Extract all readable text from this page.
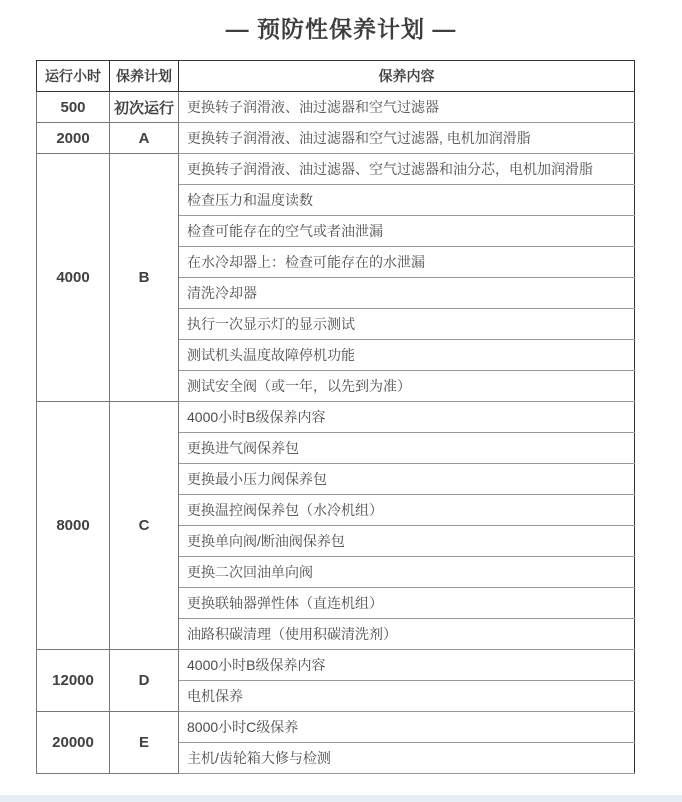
— 预防性保养计划 —
运行小时	保养计划	保养内容
500	初次运行	更换转子润滑液、油过滤器和空气过滤器
2000	A	更换转子润滑液、油过滤器和空气过滤器, 电机加润滑脂
4000	B	更换转子润滑液、油过滤器、空气过滤器和油分芯，电机加润滑脂
		检查压力和温度读数
		检查可能存在的空气或者油泄漏
		在水冷却器上：检查可能存在的水泄漏
		清洗冷却器
		执行一次显示灯的显示测试
		测试机头温度故障停机功能
		测试安全阀（或一年，以先到为准）
8000	C	4000小时B级保养内容
		更换进气阀保养包
		更换最小压力阀保养包
		更换温控阀保养包（水冷机组）
		更换单向阀/断油阀保养包
		更换二次回油单向阀
		更换联轴器弹性体（直连机组）
		油路积碳清理（使用积碳清洗剂）
12000	D	4000小时B级保养内容
		电机保养
20000	E	8000小时C级保养
		主机/齿轮箱大修与检测
